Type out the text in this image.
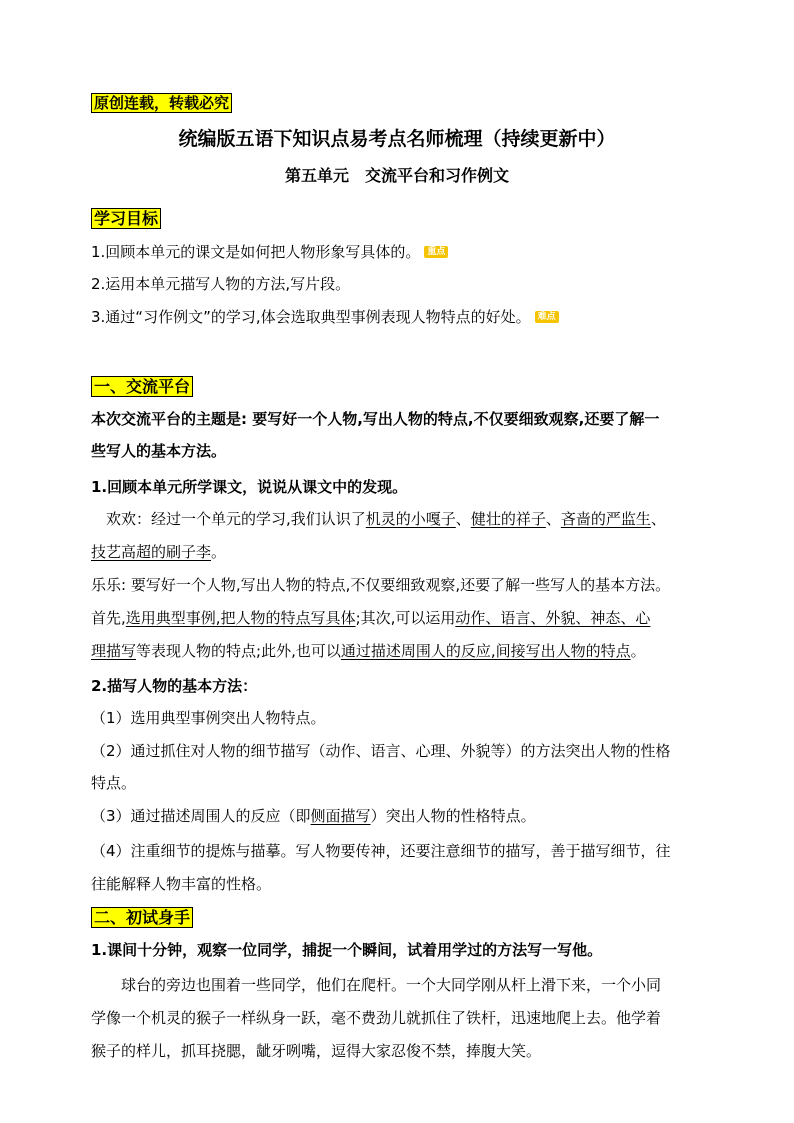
原创连载，转载必究
统编版五语下知识点易考点名师梳理（持续更新中）
第五单元　交流平台和习作例文
学习目标
1.回顾本单元的课文是如何把人物形象写具体的。 重点
2.运用本单元描写人物的方法,写片段。
3.通过“习作例文”的学习,体会选取典型事例表现人物特点的好处。 难点
一、交流平台
本次交流平台的主题是: 要写好一个人物,写出人物的特点,不仅要细致观察,还要了解一
些写人的基本方法。
1.回顾本单元所学课文，说说从课文中的发现。
欢欢：经过一个单元的学习,我们认识了机灵的小嘎子、健壮的祥子、吝啬的严监生、
技艺高超的刷子李。
乐乐: 要写好一个人物,写出人物的特点,不仅要细致观察,还要了解一些写人的基本方法。
首先,选用典型事例,把人物的特点写具体;其次,可以运用动作、语言、外貌、神态、心
理描写等表现人物的特点;此外,也可以通过描述周围人的反应,间接写出人物的特点。
2.描写人物的基本方法：
（1）选用典型事例突出人物特点。
（2）通过抓住对人物的细节描写（动作、语言、心理、外貌等）的方法突出人物的性格
特点。
（3）通过描述周围人的反应（即侧面描写）突出人物的性格特点。
（4）注重细节的提炼与描摹。写人物要传神，还要注意细节的描写，善于描写细节，往
往能解释人物丰富的性格。
二、初试身手
1.课间十分钟，观察一位同学，捕捉一个瞬间，试着用学过的方法写一写他。
　　球台的旁边也围着一些同学，他们在爬杆。一个大同学刚从杆上滑下来，一个小同
学像一个机灵的猴子一样纵身一跃，毫不费劲儿就抓住了铁杆，迅速地爬上去。他学着
猴子的样儿，抓耳挠腮，龇牙咧嘴，逗得大家忍俊不禁，捧腹大笑。
